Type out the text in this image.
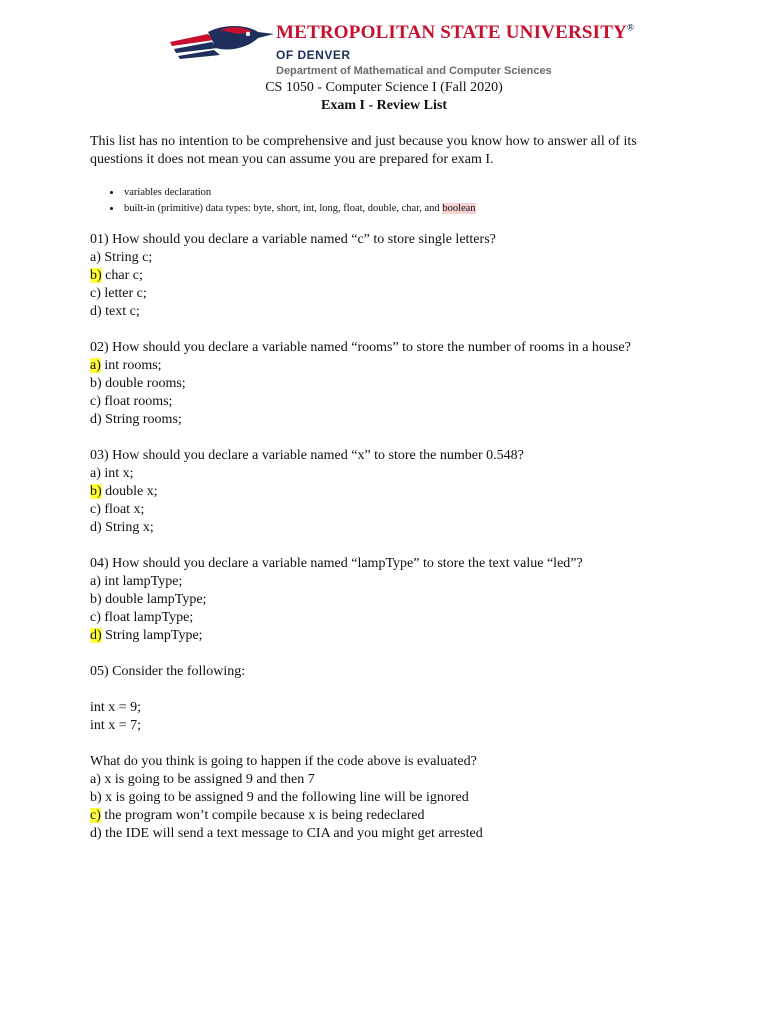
METROPOLITAN STATE UNIVERSITY®
OF DENVER
Department of Mathematical and Computer Sciences
CS 1050 - Computer Science I (Fall 2020)
Exam I - Review List

This list has no intention to be comprehensive and just because you know how to answer all of its questions it does not mean you can assume you are prepared for exam I.

• variables declaration
• built-in (primitive) data types: byte, short, int, long, float, double, char, and boolean

01) How should you declare a variable named “c” to store single letters?

a) String c;

b) char c;

c) letter c;

d) text c;

02) How should you declare a variable named “rooms” to store the number of rooms in a house?

a) int rooms;

b) double rooms;

c) float rooms;

d) String rooms;

03) How should you declare a variable named “x” to store the number 0.548?

a) int x;

b) double x;

c) float x;

d) String x;

04) How should you declare a variable named “lampType” to store the text value “led”?

a) int lampType;

b) double lampType;

c) float lampType;

d) String lampType;

05) Consider the following:

int x = 9;

int x = 7;

What do you think is going to happen if the code above is evaluated?

a) x is going to be assigned 9 and then 7

b) x is going to be assigned 9 and the following line will be ignored

c) the program won’t compile because x is being redeclared

d) the IDE will send a text message to CIA and you might get arrested
